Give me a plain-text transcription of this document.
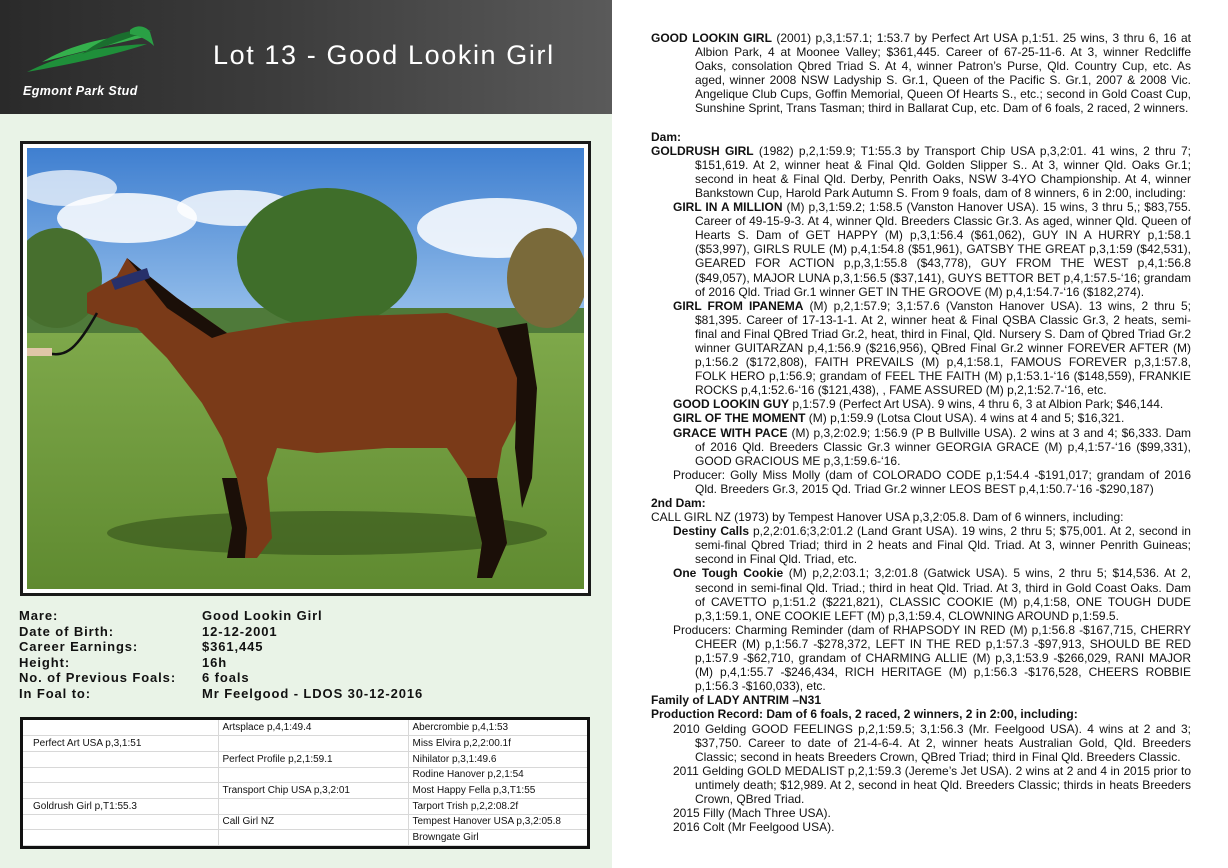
Egmont Park Stud
Lot 13 - Good Lookin Girl
Mare:	Good Lookin Girl
Date of Birth:	12-12-2001
Career Earnings:	$361,445
Height:	16h
No. of Previous Foals:	6 foals
In Foal to:	Mr Feelgood - LDOS 30-12-2016
	Artsplace p,4,1:49.4	Abercrombie p,4,1:53
Perfect Art USA p,3,1:51		Miss Elvira p,2,2:00.1f
	Perfect Profile p,2,1:59.1	Nihilator p,3,1:49.6
		Rodine Hanover p,2,1:54
	Transport Chip USA p,3,2:01	Most Happy Fella p,3,T1:55
Goldrush Girl p,T1:55.3		Tarport Trish p,2,2:08.2f
	Call Girl NZ	Tempest Hanover USA p,3,2:05.8
		Browngate Girl
GOOD LOOKIN GIRL (2001) p,3,1:57.1; 1:53.7 by Perfect Art USA p,1:51. 25 wins, 3 thru 6, 16 at Albion Park, 4 at Moonee Valley; $361,445. Career of 67-25-11-6. At 3, winner Redcliffe Oaks, consolation Qbred Triad S. At 4, winner Patron’s Purse, Qld. Country Cup, etc. As aged, winner 2008 NSW Ladyship S. Gr.1, Queen of the Pacific S. Gr.1, 2007 & 2008 Vic. Angelique Club Cups, Goffin Memorial, Queen Of Hearts S., etc.; second in Gold Coast Cup, Sunshine Sprint, Trans Tasman; third in Ballarat Cup, etc. Dam of 6 foals, 2 raced, 2 winners.
Dam:
GOLDRUSH GIRL (1982) p,2,1:59.9; T1:55.3 by Transport Chip USA p,3,2:01. 41 wins, 2 thru 7; $151,619. At 2, winner heat & Final Qld. Golden Slipper S.. At 3, winner Qld. Oaks Gr.1; second in heat & Final Qld. Derby, Penrith Oaks, NSW 3-4YO Championship. At 4, winner Bankstown Cup, Harold Park Autumn S. From 9 foals, dam of 8 winners, 6 in 2:00, including:
GIRL IN A MILLION (M) p,3,1:59.2; 1:58.5 (Vanston Hanover USA). 15 wins, 3 thru 5,; $83,755. Career of 49-15-9-3. At 4, winner Qld. Breeders Classic Gr.3. As aged, winner Qld. Queen of Hearts S. Dam of GET HAPPY (M) p,3,1:56.4 ($61,062), GUY IN A HURRY p,1:58.1 ($53,997), GIRLS RULE (M) p,4,1:54.8 ($51,961), GATSBY THE GREAT p,3,1:59 ($42,531), GEARED FOR ACTION p,p,3,1:55.8 ($43,778), GUY FROM THE WEST p,4,1:56.8 ($49,057), MAJOR LUNA p,3,1:56.5 ($37,141), GUYS BETTOR BET p,4,1:57.5-‘16; grandam of 2016 Qld. Triad Gr.1 winner GET IN THE GROOVE (M) p,4,1:54.7-‘16 ($182,274).
GIRL FROM IPANEMA (M) p,2,1:57.9; 3,1:57.6 (Vanston Hanover USA). 13 wins, 2 thru 5; $81,395. Career of 17-13-1-1. At 2, winner heat & Final QSBA Classic Gr.3, 2 heats, semi-final and Final QBred Triad Gr.2, heat, third in Final, Qld. Nursery S. Dam of Qbred Triad Gr.2 winner GUITARZAN p,4,1:56.9 ($216,956), QBred Final Gr.2 winner FOREVER AFTER (M) p,1:56.2 ($172,808), FAITH PREVAILS (M) p,4,1:58.1, FAMOUS FOREVER p,3,1:57.8, FOLK HERO p,1:56.9; grandam of FEEL THE FAITH (M) p,1:53.1-‘16 ($148,559), FRANKIE ROCKS p,4,1:52.6-‘16 ($121,438), , FAME ASSURED (M) p,2,1:52.7-‘16, etc.
GOOD LOOKIN GUY p,1:57.9 (Perfect Art USA). 9 wins, 4 thru 6, 3 at Albion Park; $46,144.
GIRL OF THE MOMENT (M) p,1:59.9 (Lotsa Clout USA). 4 wins at 4 and 5; $16,321.
GRACE WITH PACE (M) p,3,2:02.9; 1:56.9 (P B Bullville USA). 2 wins at 3 and 4; $6,333. Dam of 2016 Qld. Breeders Classic Gr.3 winner GEORGIA GRACE (M) p,4,1:57-‘16 ($99,331), GOOD GRACIOUS ME p,3,1:59.6-‘16.
Producer: Golly Miss Molly (dam of COLORADO CODE p,1:54.4 -$191,017; grandam of 2016 Qld. Breeders Gr.3, 2015 Qd. Triad Gr.2 winner LEOS BEST p,4,1:50.7-‘16 -$290,187)
2nd Dam:
CALL GIRL NZ (1973) by Tempest Hanover USA p,3,2:05.8. Dam of 6 winners, including:
Destiny Calls p,2,2:01.6;3,2:01.2 (Land Grant USA). 19 wins, 2 thru 5; $75,001. At 2, second in semi-final Qbred Triad; third in 2 heats and Final Qld. Triad. At 3, winner Penrith Guineas; second in Final Qld. Triad, etc.
One Tough Cookie (M) p,2,2:03.1; 3,2:01.8 (Gatwick USA). 5 wins, 2 thru 5; $14,536. At 2, second in semi-final Qld. Triad.; third in heat Qld. Triad. At 3, third in Gold Coast Oaks. Dam of CAVETTO p,1:51.2 ($221,821), CLASSIC COOKIE (M) p,4,1:58, ONE TOUGH DUDE p,3,1:59.1, ONE COOKIE LEFT (M) p,3,1:59.4, CLOWNING AROUND p,1:59.5.
Producers: Charming Reminder (dam of RHAPSODY IN RED (M) p,1:56.8 -$167,715, CHERRY CHEER (M) p,1:56.7 -$278,372, LEFT IN THE RED p,1:57.3 -$97,913, SHOULD BE RED p,1:57.9 -$62,710, grandam of CHARMING ALLIE (M) p,3,1:53.9 -$266,029, RANI MAJOR (M) p,4,1:55.7 -$246,434, RICH HERITAGE (M) p,1:56.3 -$176,528, CHEERS ROBBIE p,1:56.3 -$160,033), etc.
Family of LADY ANTRIM –N31
Production Record: Dam of 6 foals, 2 raced, 2 winners, 2 in 2:00, including:
2010 Gelding GOOD FEELINGS p,2,1:59.5; 3,1:56.3 (Mr. Feelgood USA). 4 wins at 2 and 3; $37,750. Career to date of 21-4-6-4. At 2, winner heats Australian Gold, Qld. Breeders Classic; second in heats Breeders Crown, QBred Triad; third in Final Qld. Breeders Classic.
2011 Gelding GOLD MEDALIST p,2,1:59.3 (Jereme’s Jet USA). 2 wins at 2 and 4 in 2015 prior to untimely death; $12,989. At 2, second in heat Qld. Breeders Classic; thirds in heats Breeders Crown, QBred Triad.
2015 Filly (Mach Three USA).
2016 Colt (Mr Feelgood USA).
